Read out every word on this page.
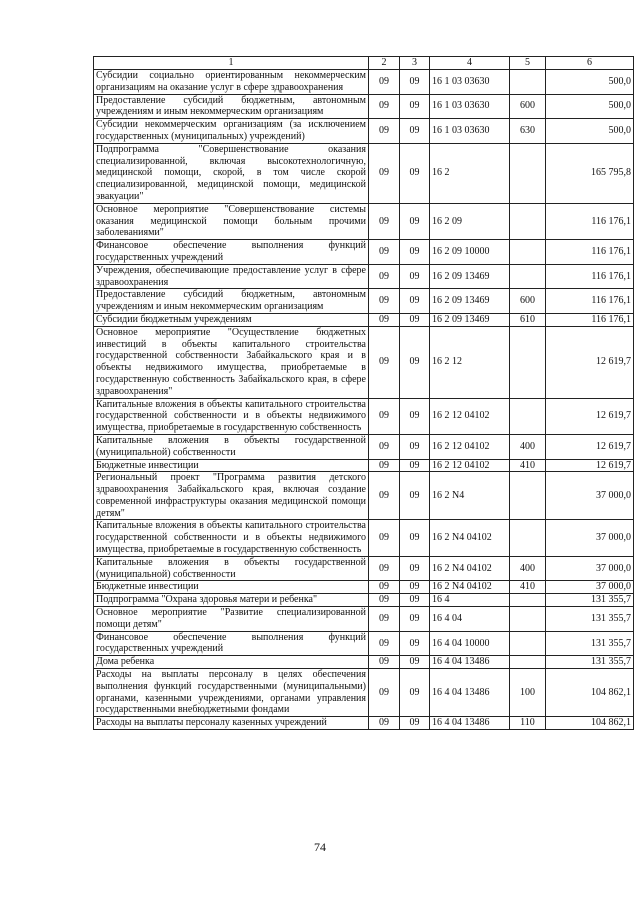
1	2	3	4	5	6
Субсидии социально ориентированным некоммерческим организациям на оказание услуг в сфере здравоохранения	09	09	16 1 03 03630		500,0
Предоставление субсидий бюджетным, автономным учреждениям и иным некоммерческим организациям	09	09	16 1 03 03630	600	500,0
Субсидии некоммерческим организациям (за исключением государственных (муниципальных) учреждений)	09	09	16 1 03 03630	630	500,0
Подпрограмма "Совершенствование оказания специализированной, включая высокотехнологичную, медицинской помощи, скорой, в том числе скорой специализированной, медицинской помощи, медицинской эвакуации"	09	09	16 2		165 795,8
Основное мероприятие "Совершенствование системы оказания медицинской помощи больным прочими заболеваниями"	09	09	16 2 09		116 176,1
Финансовое обеспечение выполнения функций государственных учреждений	09	09	16 2 09 10000		116 176,1
Учреждения, обеспечивающие предоставление услуг в сфере здравоохранения	09	09	16 2 09 13469		116 176,1
Предоставление субсидий бюджетным, автономным учреждениям и иным некоммерческим организациям	09	09	16 2 09 13469	600	116 176,1
Субсидии бюджетным учреждениям	09	09	16 2 09 13469	610	116 176,1
Основное мероприятие "Осуществление бюджетных инвестиций в объекты капитального строительства государственной собственности Забайкальского края и в объекты недвижимого имущества, приобретаемые в государственную собственность Забайкальского края, в сфере здравоохранения"	09	09	16 2 12		12 619,7
Капитальные вложения в объекты капитального строительства государственной собственности и в объекты недвижимого имущества, приобретаемые в государственную собственность	09	09	16 2 12 04102		12 619,7
Капитальные вложения в объекты государственной (муниципальной) собственности	09	09	16 2 12 04102	400	12 619,7
Бюджетные инвестиции	09	09	16 2 12 04102	410	12 619,7
Региональный проект "Программа развития детского здравоохранения Забайкальского края, включая создание современной инфраструктуры оказания медицинской помощи детям"	09	09	16 2 N4		37 000,0
Капитальные вложения в объекты капитального строительства государственной собственности и в объекты недвижимого имущества, приобретаемые в государственную собственность	09	09	16 2 N4 04102		37 000,0
Капитальные вложения в объекты государственной (муниципальной) собственности	09	09	16 2 N4 04102	400	37 000,0
Бюджетные инвестиции	09	09	16 2 N4 04102	410	37 000,0
Подпрограмма "Охрана здоровья матери и ребенка"	09	09	16 4		131 355,7
Основное мероприятие "Развитие специализированной помощи детям"	09	09	16 4 04		131 355,7
Финансовое обеспечение выполнения функций государственных учреждений	09	09	16 4 04 10000		131 355,7
Дома ребенка	09	09	16 4 04 13486		131 355,7
Расходы на выплаты персоналу в целях обеспечения выполнения функций государственными (муниципальными) органами, казенными учреждениями, органами управления государственными внебюджетными фондами	09	09	16 4 04 13486	100	104 862,1
Расходы на выплаты персоналу казенных учреждений	09	09	16 4 04 13486	110	104 862,1
74
